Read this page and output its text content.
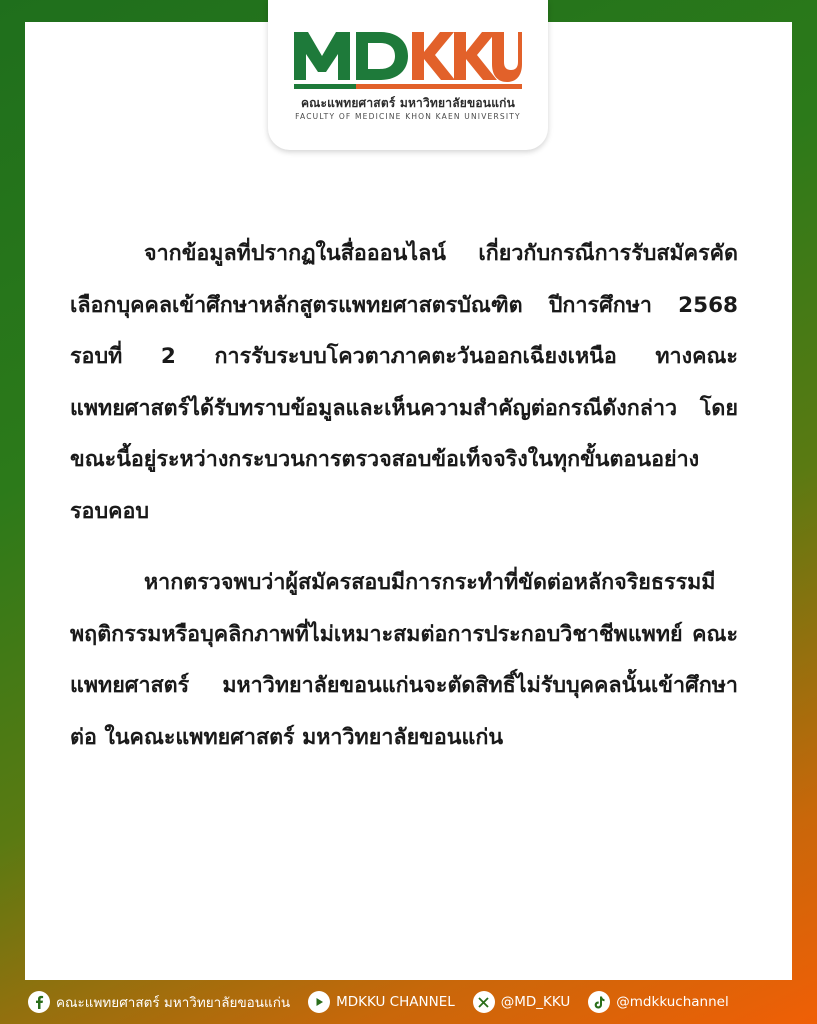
คณะแพทยศาสตร์ มหาวิทยาลัยขอนแก่น
FACULTY OF MEDICINE KHON KAEN UNIVERSITY

จากข้อมูลที่ปรากฏในสื่อออนไลน์ เกี่ยวกับกรณีการรับสมัครคัดเลือกบุคคลเข้าศึกษาหลักสูตรแพทยศาสตรบัณฑิต ปีการศึกษา 2568 รอบที่ 2 การรับระบบโควตาภาคตะวันออกเฉียงเหนือ ทางคณะแพทยศาสตร์ได้รับทราบข้อมูลและเห็นความสำคัญต่อกรณีดังกล่าว โดยขณะนี้อยู่ระหว่างกระบวนการตรวจสอบข้อเท็จจริงในทุกขั้นตอนอย่างรอบคอบ

หากตรวจพบว่าผู้สมัครสอบมีการกระทำที่ขัดต่อหลักจริยธรรมมีพฤติกรรมหรือบุคลิกภาพที่ไม่เหมาะสมต่อการประกอบวิชาชีพแพทย์ คณะแพทยศาสตร์ มหาวิทยาลัยขอนแก่นจะตัดสิทธิ์ไม่รับบุคคลนั้นเข้าศึกษาต่อ ในคณะแพทยศาสตร์ มหาวิทยาลัยขอนแก่น

คณะแพทยศาสตร์ มหาวิทยาลัยขอนแก่น	MDKKU CHANNEL	@MD_KKU	@mdkkuchannel
